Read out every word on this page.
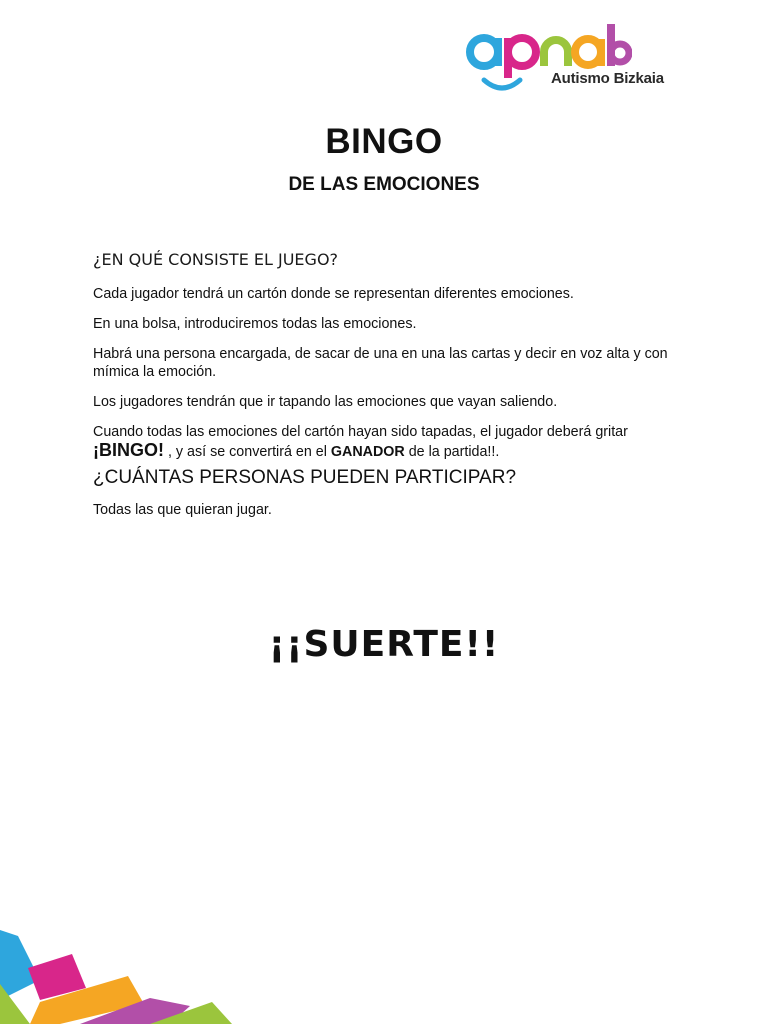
Autismo Bizkaia
BINGO
DE LAS EMOCIONES
¿EN QUÉ CONSISTE EL JUEGO?

Cada jugador tendrá un cartón donde se representan diferentes emociones.

En una bolsa, introduciremos todas las emociones.

Habrá una persona encargada, de sacar de una en una las cartas y decir en voz alta y con mímica la emoción.

Los jugadores tendrán que ir tapando las emociones que vayan saliendo.

Cuando todas las emociones del cartón hayan sido tapadas, el jugador deberá gritar
¡BINGO! , y así se convertirá en el GANADOR de la partida!!.

¿CUÁNTAS PERSONAS PUEDEN PARTICIPAR?

Todas las que quieran jugar.

¡¡SUERTE!!
